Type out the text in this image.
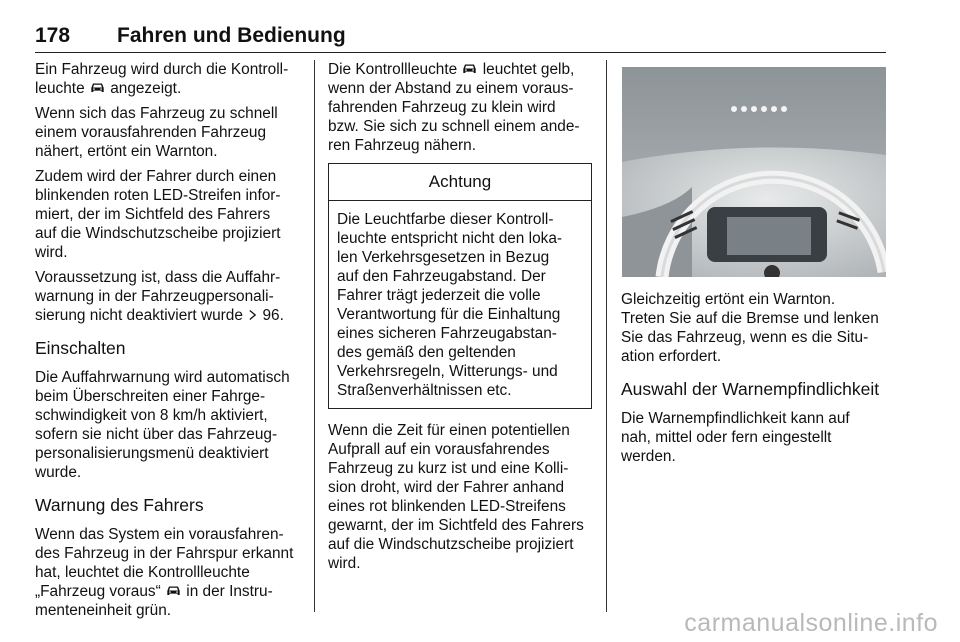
178 Fahren und Bedienung

Ein Fahrzeug wird durch die Kontroll-
leuchte  angezeigt.

Wenn sich das Fahrzeug zu schnell
einem vorausfahrenden Fahrzeug
nähert, ertönt ein Warnton.

Zudem wird der Fahrer durch einen
blinkenden roten LED-Streifen infor-
miert, der im Sichtfeld des Fahrers
auf die Windschutzscheibe projiziert
wird.

Voraussetzung ist, dass die Auffahr-
warnung in der Fahrzeugpersonali-
sierung nicht deaktiviert wurde  96.

Einschalten

Die Auffahrwarnung wird automatisch
beim Überschreiten einer Fahrge-
schwindigkeit von 8 km/h aktiviert,
sofern sie nicht über das Fahrzeug-
personalisierungsmenü deaktiviert
wurde.

Warnung des Fahrers

Wenn das System ein vorausfahren-
des Fahrzeug in der Fahrspur erkannt
hat, leuchtet die Kontrollleuchte
„Fahrzeug voraus“  in der Instru-
menteneinheit grün.

Die Kontrollleuchte  leuchtet gelb,
wenn der Abstand zu einem voraus-
fahrenden Fahrzeug zu klein wird
bzw. Sie sich zu schnell einem ande-
ren Fahrzeug nähern.

Achtung
Die Leuchtfarbe dieser Kontroll-
leuchte entspricht nicht den loka-
len Verkehrsgesetzen in Bezug
auf den Fahrzeugabstand. Der
Fahrer trägt jederzeit die volle
Verantwortung für die Einhaltung
eines sicheren Fahrzeugabstan-
des gemäß den geltenden
Verkehrsregeln, Witterungs- und
Straßenverhältnissen etc.

Wenn die Zeit für einen potentiellen
Aufprall auf ein vorausfahrendes
Fahrzeug zu kurz ist und eine Kolli-
sion droht, wird der Fahrer anhand
eines rot blinkenden LED-Streifens
gewarnt, der im Sichtfeld des Fahrers
auf die Windschutzscheibe projiziert
wird.

Gleichzeitig ertönt ein Warnton.
Treten Sie auf die Bremse und lenken
Sie das Fahrzeug, wenn es die Situ-
ation erfordert.

Auswahl der Warnempfindlichkeit

Die Warnempfindlichkeit kann auf
nah, mittel oder fern eingestellt
werden.

carmanualsonline.info
